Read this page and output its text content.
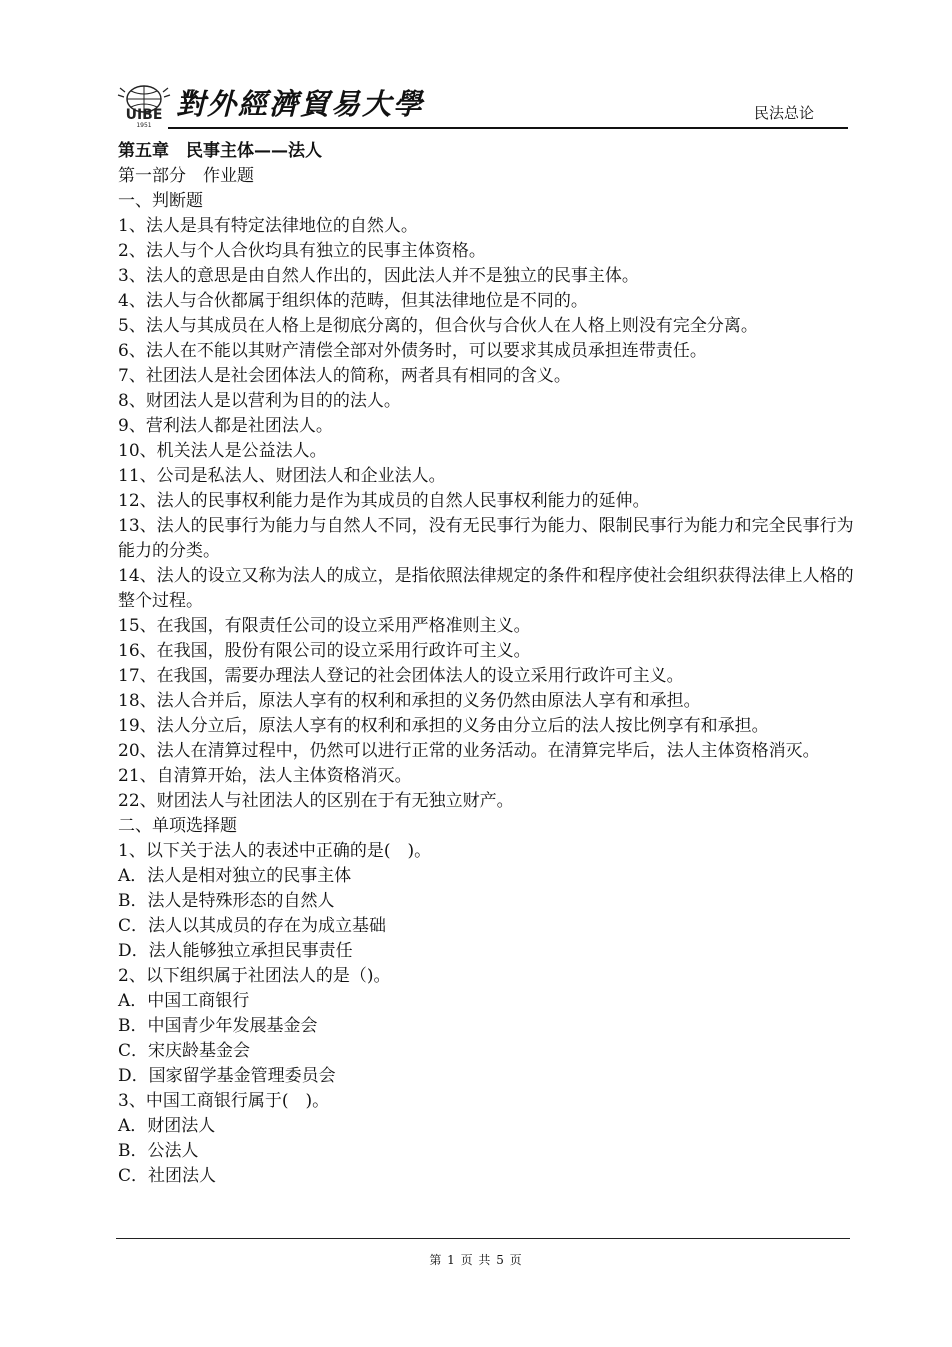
UIBE
1951
對外經濟貿易大學	民法总论

第五章　民事主体——法人

第一部分　作业题

一、判断题

1、法人是具有特定法律地位的自然人。

2、法人与个人合伙均具有独立的民事主体资格。

3、法人的意思是由自然人作出的，因此法人并不是独立的民事主体。

4、法人与合伙都属于组织体的范畴，但其法律地位是不同的。

5、法人与其成员在人格上是彻底分离的，但合伙与合伙人在人格上则没有完全分离。

6、法人在不能以其财产清偿全部对外债务时，可以要求其成员承担连带责任。

7、社团法人是社会团体法人的简称，两者具有相同的含义。

8、财团法人是以营利为目的的法人。

9、营利法人都是社团法人。

10、机关法人是公益法人。

11、公司是私法人、财团法人和企业法人。

12、法人的民事权利能力是作为其成员的自然人民事权利能力的延伸。

13、法人的民事行为能力与自然人不同，没有无民事行为能力、限制民事行为能力和完全民事行为能力的分类。

14、法人的设立又称为法人的成立，是指依照法律规定的条件和程序使社会组织获得法律上人格的整个过程。

15、在我国，有限责任公司的设立采用严格准则主义。

16、在我国，股份有限公司的设立采用行政许可主义。

17、在我国，需要办理法人登记的社会团体法人的设立采用行政许可主义。

18、法人合并后，原法人享有的权利和承担的义务仍然由原法人享有和承担。

19、法人分立后，原法人享有的权利和承担的义务由分立后的法人按比例享有和承担。

20、法人在清算过程中，仍然可以进行正常的业务活动。在清算完毕后，法人主体资格消灭。

21、自清算开始，法人主体资格消灭。

22、财团法人与社团法人的区别在于有无独立财产。

二、单项选择题

1、以下关于法人的表述中正确的是(　)。

A．法人是相对独立的民事主体

B．法人是特殊形态的自然人

C．法人以其成员的存在为成立基础

D．法人能够独立承担民事责任

2、以下组织属于社团法人的是（)。

A．中国工商银行

B．中国青少年发展基金会

C．宋庆龄基金会

D．国家留学基金管理委员会

3、中国工商银行属于(　)。

A．财团法人

B．公法人

C．社团法人

第 1 页 共 5 页
